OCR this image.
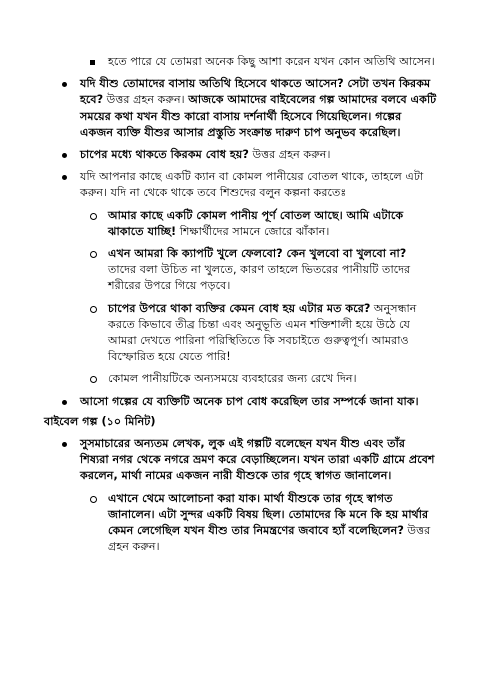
হতে পারে যে তোমরা অনেক কিছু আশা করেন যখন কোন অতিথি আসেন।
যদি যীশু তোমাদের বাসায় অতিথি হিসেবে থাকতে আসেন? সেটা তখন কিরকম হবে? উত্তর গ্রহন করুন। আজকে আমাদের বাইবেলের গল্প আমাদের বলবে একটি সময়ের কথা যখন যীশু কারো বাসায় দর্শনার্থী হিসেবে গিয়েছিলেন। গল্পের একজন ব্যক্তি যীশুর আসার প্রস্তুতি সংক্রান্ত দারুণ চাপ অনুভব করেছিল।
চাপের মধ্যে থাকতে কিরকম বোধ হয়? উত্তর গ্রহন করুন।
যদি আপনার কাছে একটি ক্যান বা কোমল পানীয়ের বোতল থাকে, তাহলে এটা করুন। যদি না থেকে থাকে তবে শিশুদের বলুন কল্পনা করতেঃ
আমার কাছে একটি কোমল পানীয় পূর্ণ বোতল আছে। আমি এটাকে ঝাকাতে যাচ্ছি! শিক্ষার্থীদের সামনে জোরে ঝাঁকান।
এখন আমরা কি ক্যাপটি খুলে ফেলবো? কেন খুলবো বা খুলবো না? তাদের বলা উচিত না খুলতে, কারণ তাহলে ভিতরের পানীয়টি তাদের শরীরের উপরে গিয়ে পড়বে।
চাপের উপরে থাকা ব্যক্তির কেমন বোধ হয় এটার মত করে? অনুসন্ধান করতে কিভাবে তীব্র চিন্তা এবং অনুভূতি এমন শক্তিশালী হয়ে উঠে যে আমরা দেখতে পারিনা পরিস্থিতিতে কি সবচাইতে গুরুত্বপূর্ণ। আমরাও বিস্ফোরিত হয়ে যেতে পারি!
কোমল পানীয়টিকে অন্যসময়ে ব্যবহারের জন্য রেখে দিন।
আসো গল্পের যে ব্যক্তিটি অনেক চাপ বোধ করেছিল তার সম্পর্কে জানা যাক।
বাইবেল গল্প (১০ মিনিট)
সুসমাচারের অন্যতম লেখক, লুক এই গল্পটি বলেছেন যখন যীশু এবং তাঁর শিষ্যরা নগর থেকে নগরে ভ্রমণ করে বেড়াচ্ছিলেন। যখন তারা একটি গ্রামে প্রবেশ করলেন, মার্থা নামের একজন নারী যীশুকে তার গৃহে স্বাগত জানালেন।
এখানে থেমে আলোচনা করা যাক। মার্থা যীশুকে তার গৃহে স্বাগত জানালেন। এটা সুন্দর একটি বিষয় ছিল। তোমাদের কি মনে কি হয় মার্থার কেমন লেগেছিল যখন যীশু তার নিমন্ত্রণের জবাবে হ্যাঁ বলেছিলেন? উত্তর গ্রহন করুন।
